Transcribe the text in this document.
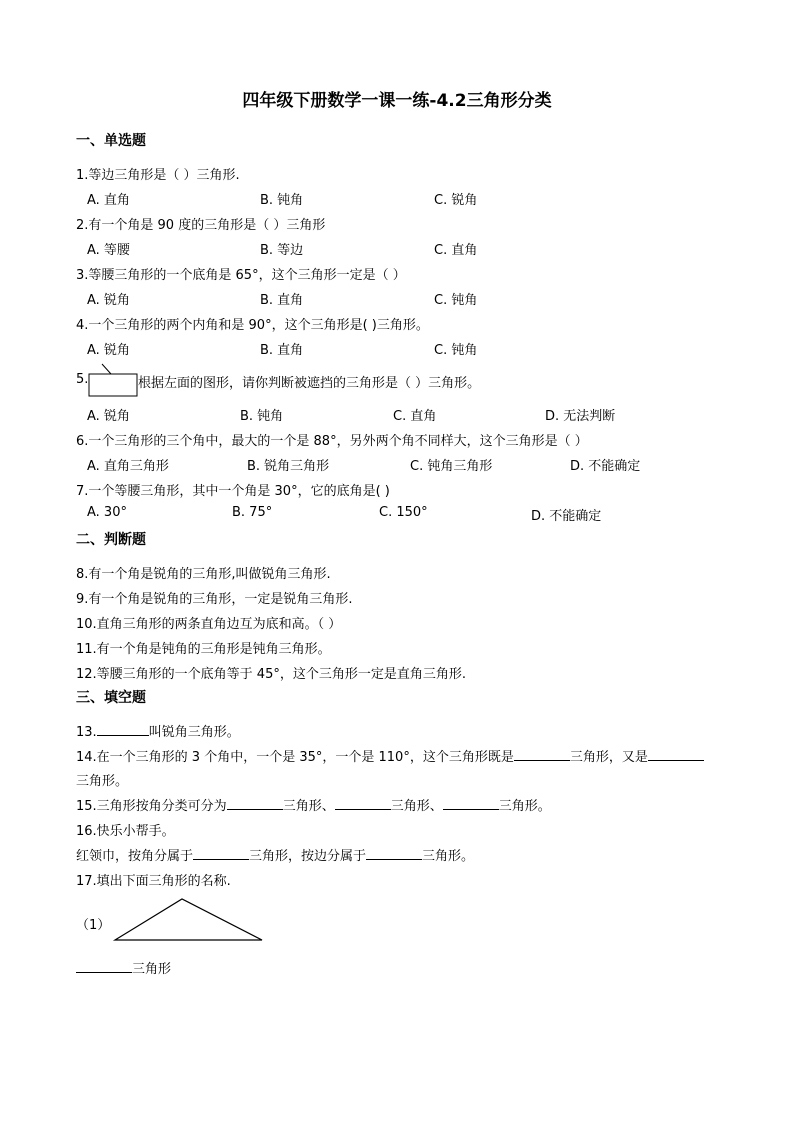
四年级下册数学一课一练-4.2三角形分类
一、单选题
1.等边三角形是（ ）三角形.
A. 直角	B. 钝角	C. 锐角
2.有一个角是 90 度的三角形是（ ）三角形
A. 等腰	B. 等边	C. 直角
3.等腰三角形的一个底角是 65°，这个三角形一定是（ ）
A. 锐角	B. 直角	C. 钝角
4.一个三角形的两个内角和是 90°，这个三角形是( )三角形。
A. 锐角	B. 直角	C. 钝角
5.	根据左面的图形，请你判断被遮挡的三角形是（ ）三角形。
A. 锐角	B. 钝角	C. 直角	D. 无法判断
6.一个三角形的三个角中，最大的一个是 88°，另外两个角不同样大，这个三角形是（ ）
A. 直角三角形	B. 锐角三角形	C. 钝角三角形	D. 不能确定
7.一个等腰三角形，其中一个角是 30°，它的底角是( )
A. 30°	B. 75°	C. 150°	D. 不能确定
二、判断题
8.有一个角是锐角的三角形,叫做锐角三角形.
9.有一个角是锐角的三角形，一定是锐角三角形.
10.直角三角形的两条直角边互为底和高。（ ）
11.有一个角是钝角的三角形是钝角三角形。
12.等腰三角形的一个底角等于 45°，这个三角形一定是直角三角形.
三、填空题
13.	叫锐角三角形。
14.在一个三角形的 3 个角中，一个是 35°，一个是 110°，这个三角形既是	三角形，又是
三角形。
15.三角形按角分类可分为	三角形、	三角形、	三角形。
16.快乐小帮手。
红领巾，按角分属于	三角形，按边分属于	三角形。
17.填出下面三角形的名称.
（1）
三角形
